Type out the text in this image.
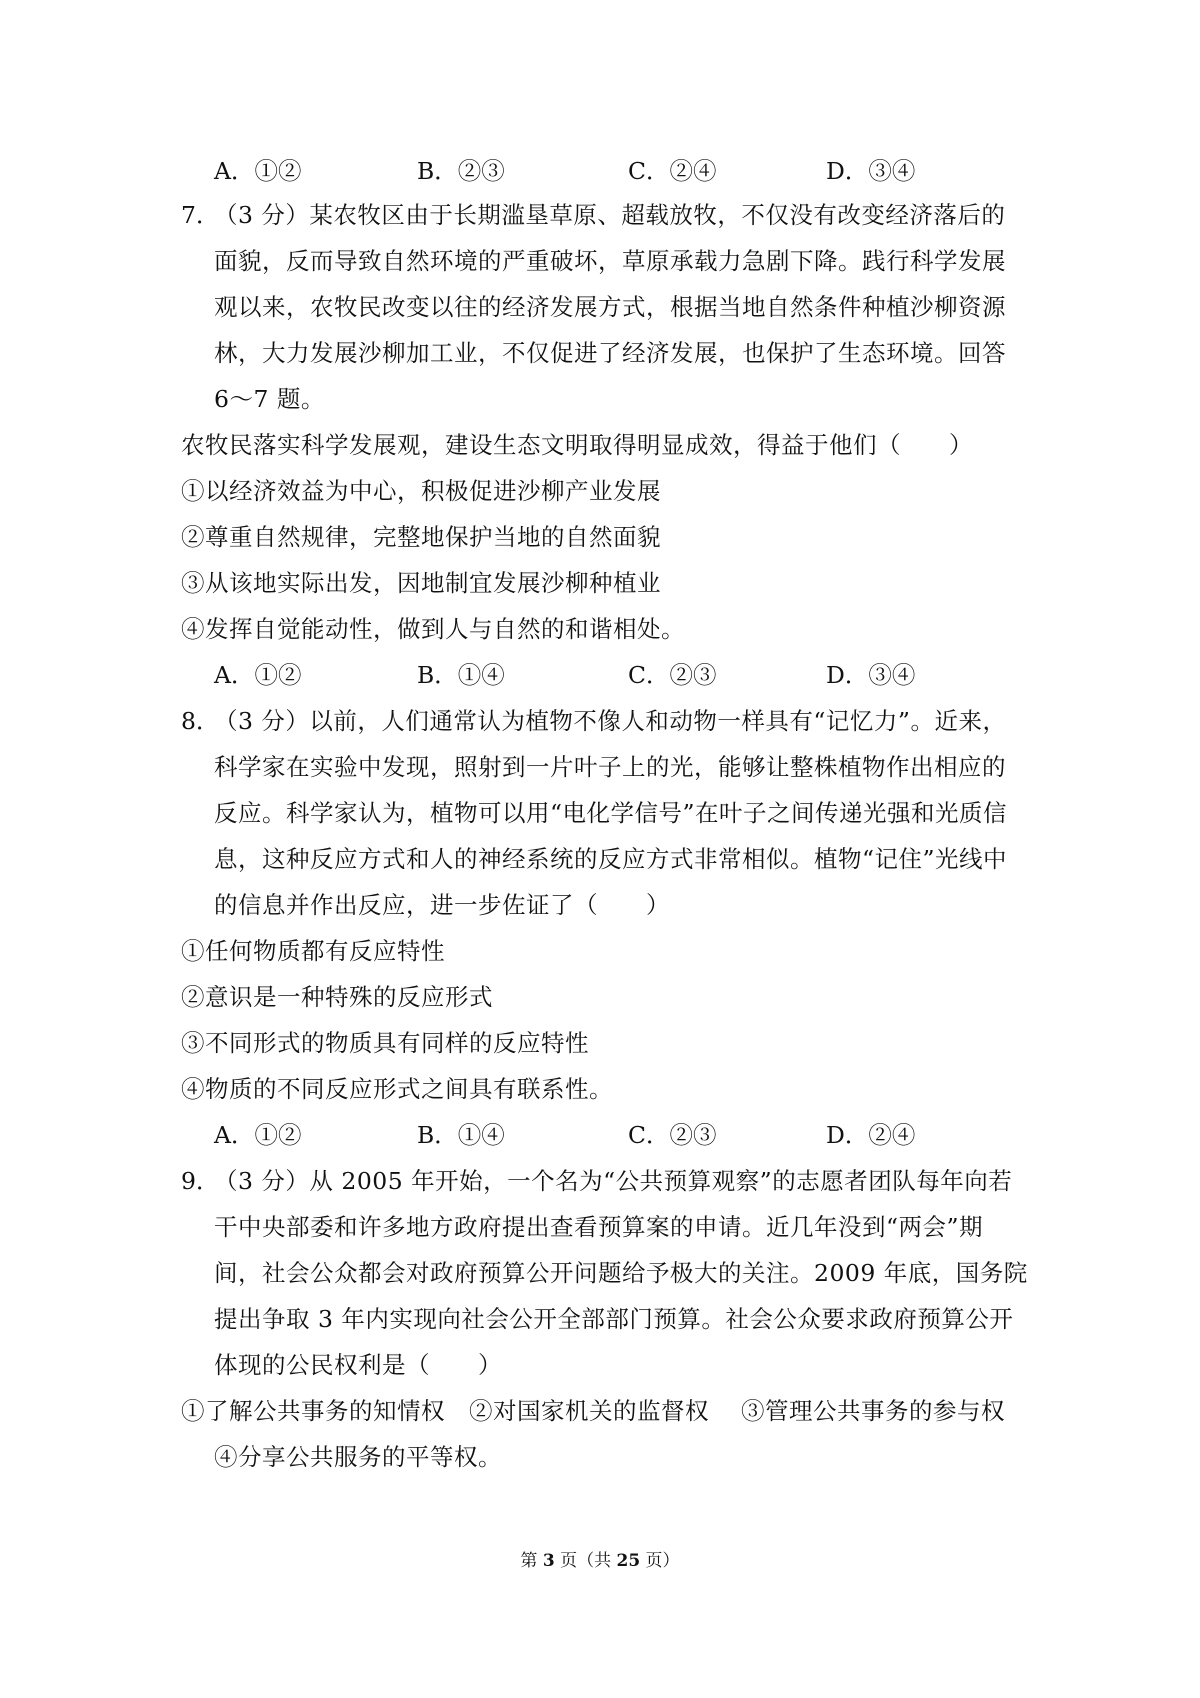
A．①②	B．②③	C．②④	D．③④
7．
（3 分）某农牧区由于长期滥垦草原、超载放牧，不仅没有改变经济落后的
面貌，反而导致自然环境的严重破坏，草原承载力急剧下降。践行科学发展
观以来，农牧民改变以往的经济发展方式，根据当地自然条件种植沙柳资源
林，大力发展沙柳加工业，不仅促进了经济发展，也保护了生态环境。回答
6～7 题。
农牧民落实科学发展观，建设生态文明取得明显成效，得益于他们（　　）
①以经济效益为中心，积极促进沙柳产业发展
②尊重自然规律，完整地保护当地的自然面貌
③从该地实际出发，因地制宜发展沙柳种植业
④发挥自觉能动性，做到人与自然的和谐相处。
A．①②	B．①④	C．②③	D．③④
8．
（3 分）以前，人们通常认为植物不像人和动物一样具有“记忆力”。近来，
科学家在实验中发现，照射到一片叶子上的光，能够让整株植物作出相应的
反应。科学家认为，植物可以用“电化学信号”在叶子之间传递光强和光质信
息，这种反应方式和人的神经系统的反应方式非常相似。植物“记住”光线中
的信息并作出反应，进一步佐证了（　　）
①任何物质都有反应特性
②意识是一种特殊的反应形式
③不同形式的物质具有同样的反应特性
④物质的不同反应形式之间具有联系性。
A．①②	B．①④	C．②③	D．②④
9．
（3 分）从 2005 年开始，一个名为“公共预算观察”的志愿者团队每年向若
干中央部委和许多地方政府提出查看预算案的申请。近几年没到“两会”期
间，社会公众都会对政府预算公开问题给予极大的关注。2009 年底，国务院
提出争取 3 年内实现向社会公开全部部门预算。社会公众要求政府预算公开
体现的公民权利是（　　）
①了解公共事务的知情权　②对国家机关的监督权　 ③管理公共事务的参与权
④分享公共服务的平等权。
第 3 页（共 25 页）
